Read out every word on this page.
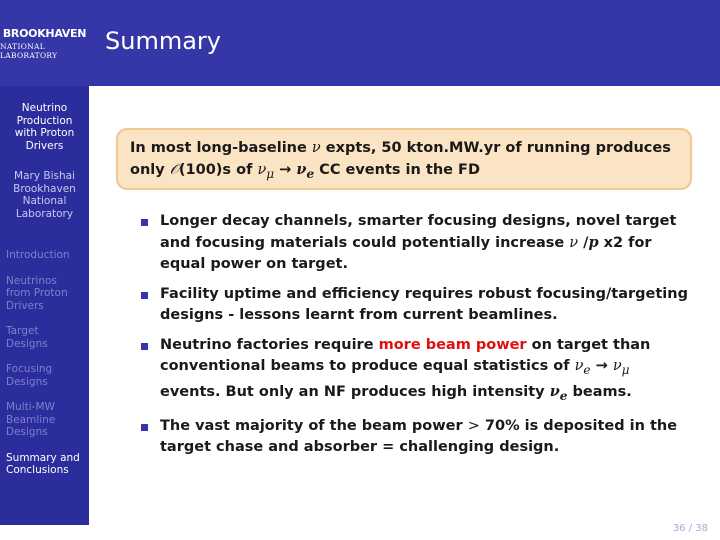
BROOKHAVEN
NATIONAL LABORATORY
Neutrino
Production
with Proton
Drivers
Mary Bishai
Brookhaven
National
Laboratory
Introduction
Neutrinos
from Proton
Drivers
Target
Designs
Focusing
Designs
Multi-MW
Beamline
Designs
Summary and
Conclusions
Summary

In most long-baseline ν expts, 50 kton.MW.yr of running produces

only 𝒪(100)s of $\nu_\mu \to \nu_e$ CC events in the FD

Longer decay channels, smarter focusing designs, novel target
and focusing materials could potentially increase ν /p x2 for
equal power on target.
Facility uptime and efficiency requires robust focusing/targeting
designs - lessons learnt from current beamlines.
Neutrino factories require more beam power on target than
conventional beams to produce equal statistics of $\nu_e \to \nu_\mu$
events. But only an NF produces high intensity $\nu_e$ beams.
The vast majority of the beam power > 70% is deposited in the
target chase and absorber = challenging design.
36 / 38
